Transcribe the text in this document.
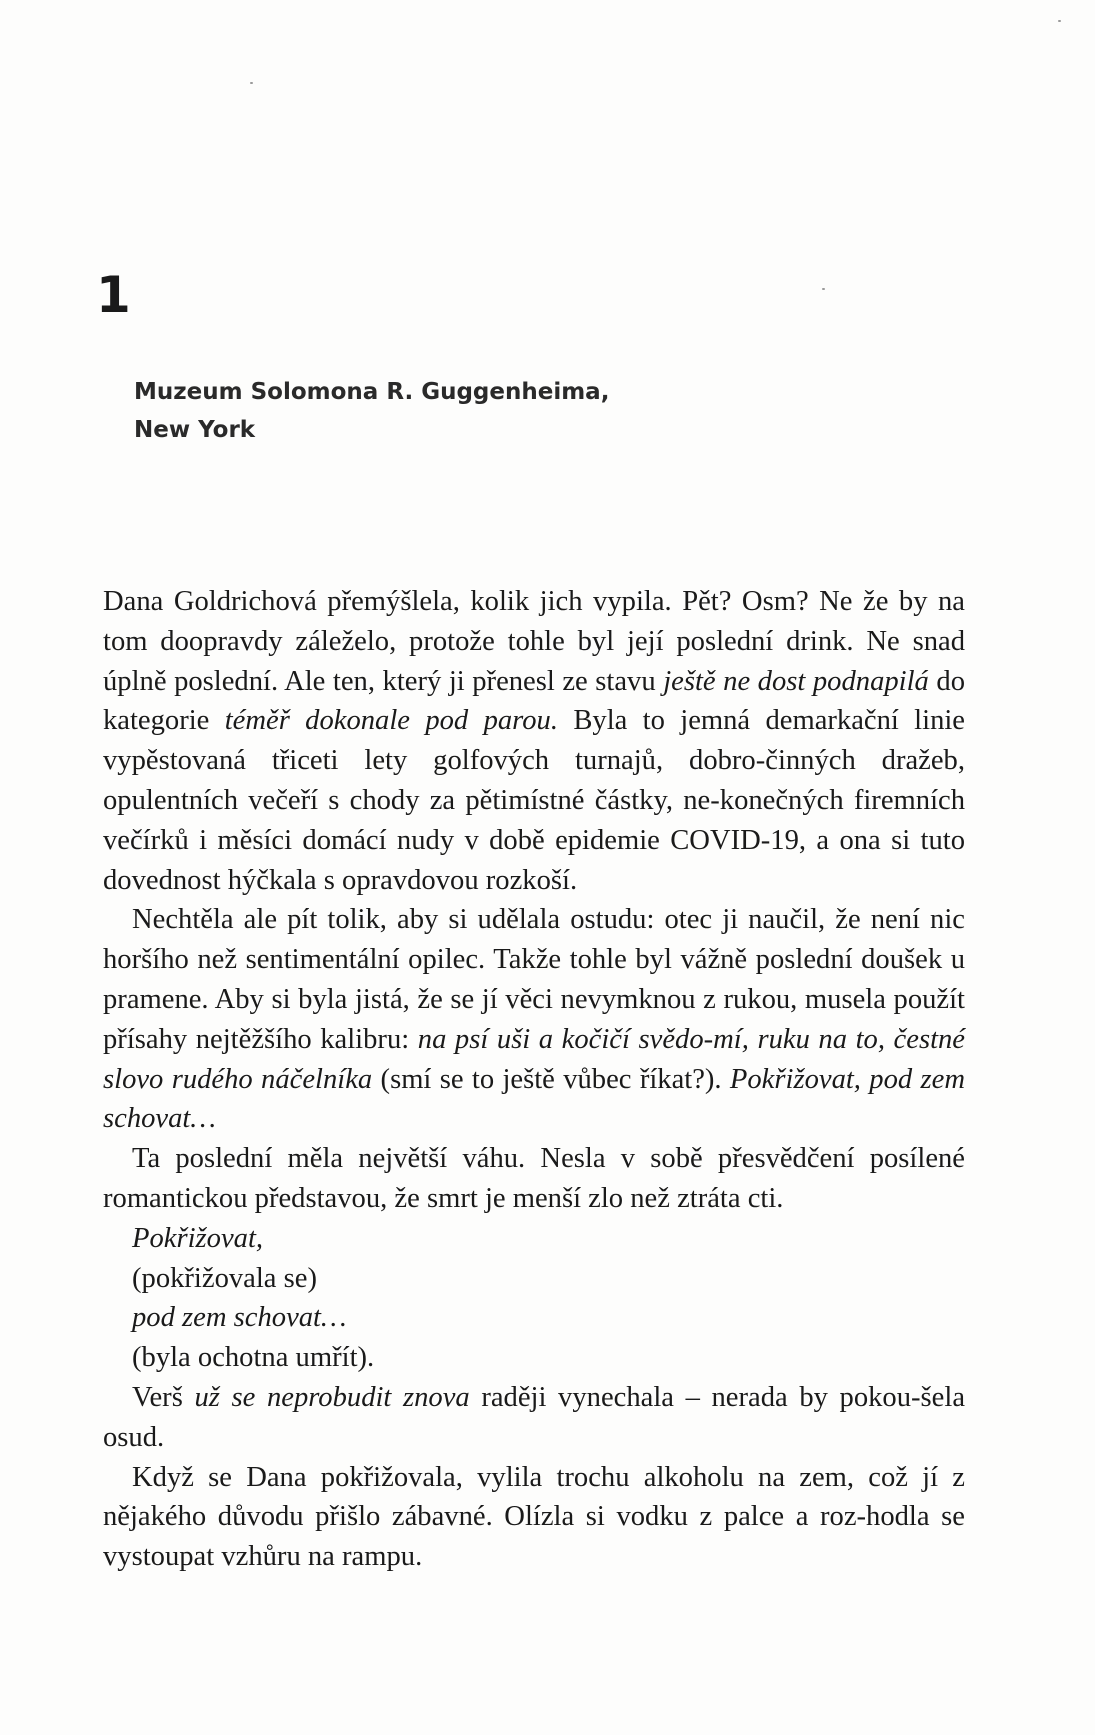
1
Muzeum Solomona R. Guggenheima,
New York

Dana Goldrichová přemýšlela, kolik jich vypila. Pět? Osm? Ne že by na tom doopravdy záleželo, protože tohle byl její poslední drink. Ne snad úplně poslední. Ale ten, který ji přenesl ze stavu ještě ne dost podnapilá do kategorie téměř dokonale pod parou. Byla to jemná demarkační linie vypěstovaná třiceti lety golfových turnajů, dobro-činných dražeb, opulentních večeří s chody za pětimístné částky, ne-konečných firemních večírků i měsíci domácí nudy v době epidemie COVID-19, a ona si tuto dovednost hýčkala s opravdovou rozkoší.

Nechtěla ale pít tolik, aby si udělala ostudu: otec ji naučil, že není nic horšího než sentimentální opilec. Takže tohle byl vážně poslední doušek u pramene. Aby si byla jistá, že se jí věci nevymknou z rukou, musela použít přísahy nejtěžšího kalibru: na psí uši a kočičí svědo-mí, ruku na to, čestné slovo rudého náčelníka (smí se to ještě vůbec říkat?). Pokřižovat, pod zem schovat…

Ta poslední měla největší váhu. Nesla v sobě přesvědčení posílené romantickou představou, že smrt je menší zlo než ztráta cti.

Pokřižovat,

(pokřižovala se)

pod zem schovat…

(byla ochotna umřít).

Verš už se neprobudit znova raději vynechala – nerada by pokou-šela osud.

Když se Dana pokřižovala, vylila trochu alkoholu na zem, což jí z nějakého důvodu přišlo zábavné. Olízla si vodku z palce a roz-hodla se vystoupat vzhůru na rampu.
